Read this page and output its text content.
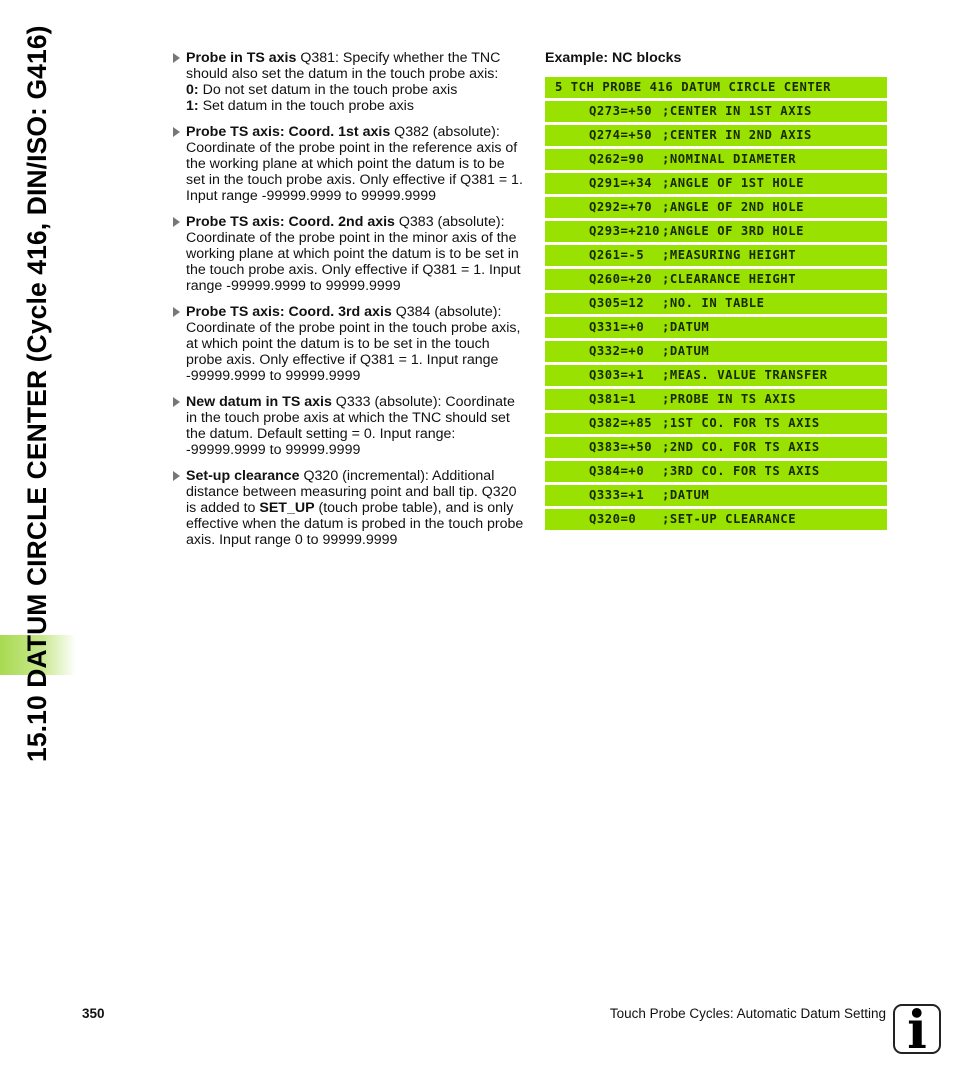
15.10 DATUM CIRCLE CENTER (Cycle 416, DIN/ISO: G416)	Probe in TS axis Q381: Specify whether the TNC should also set the datum in the touch probe axis:
0: Do not set datum in the touch probe axis
1: Set datum in the touch probe axis
Probe TS axis: Coord. 1st axis Q382 (absolute): Coordinate of the probe point in the reference axis of the working plane at which point the datum is to be set in the touch probe axis. Only effective if Q381 = 1. Input range -99999.9999 to 99999.9999
Probe TS axis: Coord. 2nd axis Q383 (absolute): Coordinate of the probe point in the minor axis of the working plane at which point the datum is to be set in the touch probe axis. Only effective if Q381 = 1. Input range -99999.9999 to 99999.9999
Probe TS axis: Coord. 3rd axis Q384 (absolute): Coordinate of the probe point in the touch probe axis, at which point the datum is to be set in the touch probe axis. Only effective if Q381 = 1. Input range -99999.9999 to 99999.9999
New datum in TS axis Q333 (absolute): Coordinate in the touch probe axis at which the TNC should set the datum. Default setting = 0. Input range: -99999.9999 to 99999.9999
Set-up clearance Q320 (incremental): Additional distance between measuring point and ball tip. Q320 is added to SET_UP (touch probe table), and is only effective when the datum is probed in the touch probe axis. Input range 0 to 99999.9999
Example: NC blocks
5 TCH PROBE 416 DATUM CIRCLE CENTER
Q273=+50 ;CENTER IN 1ST AXIS
Q274=+50 ;CENTER IN 2ND AXIS
Q262=90 ;NOMINAL DIAMETER
Q291=+34 ;ANGLE OF 1ST HOLE
Q292=+70 ;ANGLE OF 2ND HOLE
Q293=+210 ;ANGLE OF 3RD HOLE
Q261=-5 ;MEASURING HEIGHT
Q260=+20 ;CLEARANCE HEIGHT
Q305=12 ;NO. IN TABLE
Q331=+0 ;DATUM
Q332=+0 ;DATUM
Q303=+1 ;MEAS. VALUE TRANSFER
Q381=1 ;PROBE IN TS AXIS
Q382=+85 ;1ST CO. FOR TS AXIS
Q383=+50 ;2ND CO. FOR TS AXIS
Q384=+0 ;3RD CO. FOR TS AXIS
Q333=+1 ;DATUM
Q320=0 ;SET-UP CLEARANCE
350	Touch Probe Cycles: Automatic Datum Setting i
